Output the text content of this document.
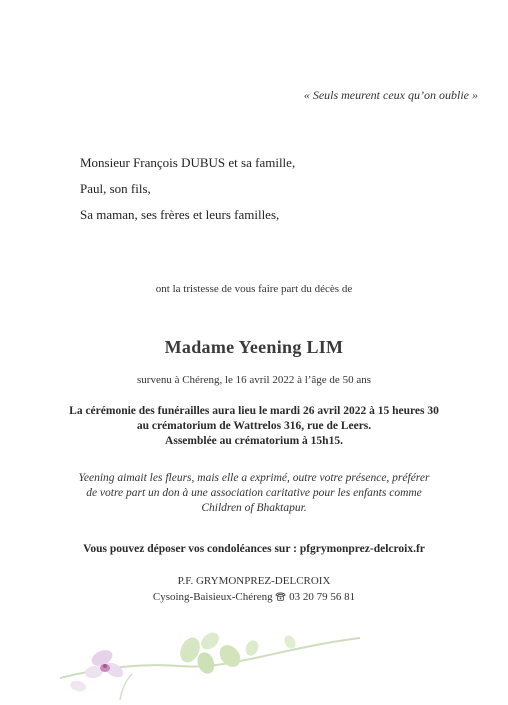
« Seuls meurent ceux qu’on oublie »
Monsieur François DUBUS et sa famille,
Paul, son fils,
Sa maman, ses frères et leurs familles,
ont la tristesse de vous faire part du décès de
Madame Yeening LIM
survenu à Chéreng, le 16 avril 2022 à l’âge de 50 ans
La cérémonie des funérailles aura lieu le mardi 26 avril 2022 à 15 heures 30
au crématorium de Wattrelos 316, rue de Leers.
Assemblée au crématorium à 15h15.
Yeening aimait les fleurs, mais elle a exprimé, outre votre présence, préférer
de votre part un don à une association caritative pour les enfants comme
Children of Bhaktapur.
Vous pouvez déposer vos condoléances sur : pfgrymonprez-delcroix.fr
P.F. GRYMONPREZ-DELCROIX
Cysoing-Baisieux-Chéreng 03 20 79 56 81
